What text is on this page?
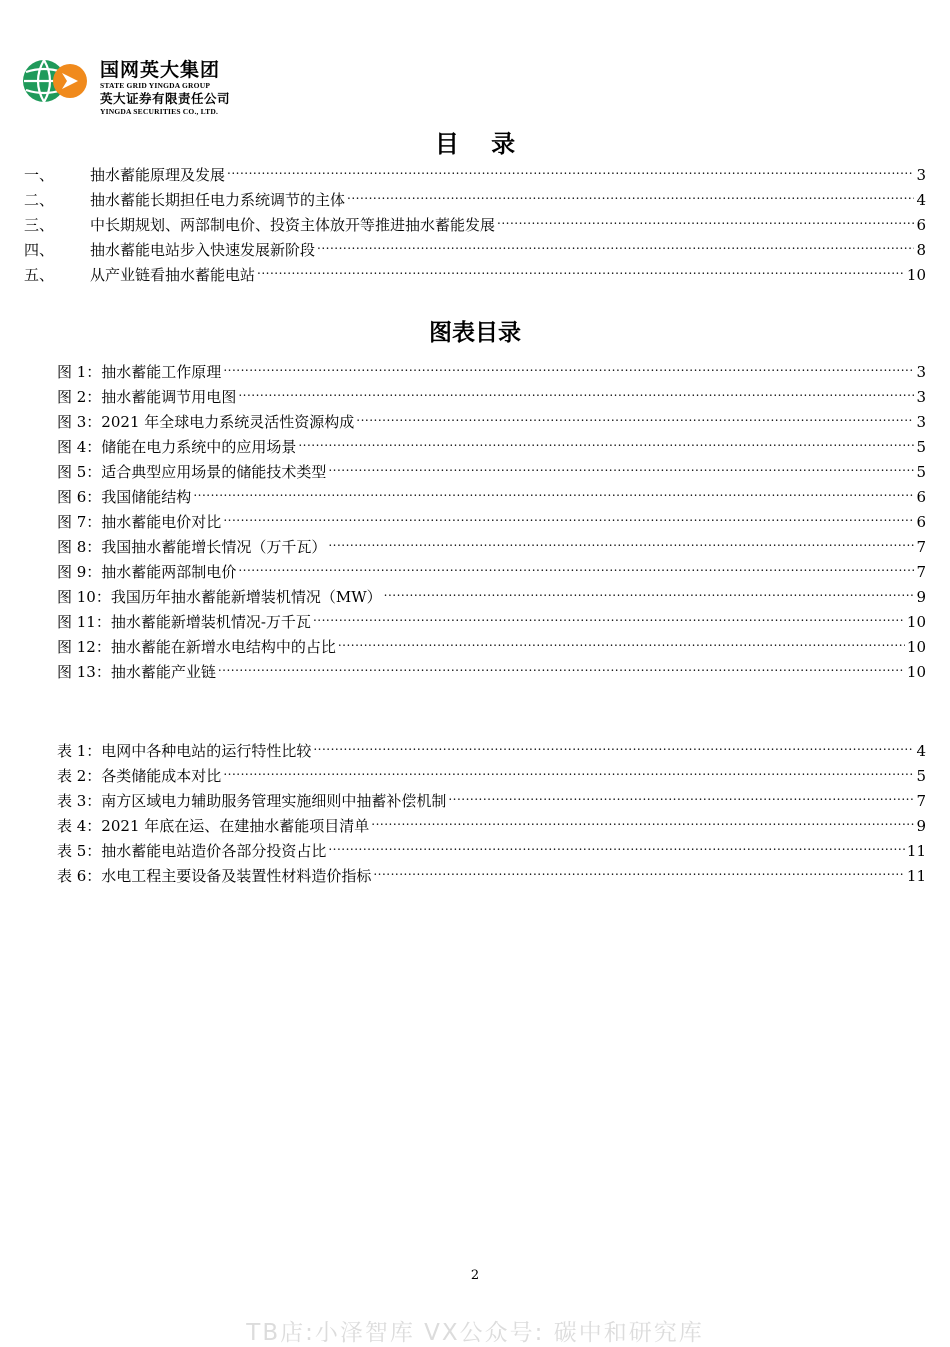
国网英大集团
STATE GRID YINGDA GROUP
英大证券有限责任公司
YINGDA SECURITIES CO., LTD.
目 录
一、	抽水蓄能原理及发展 .....	3
二、	抽水蓄能长期担任电力系统调节的主体 .....	4
三、	中长期规划、两部制电价、投资主体放开等推进抽水蓄能发展 .....	6
四、	抽水蓄能电站步入快速发展新阶段 .....	8
五、	从产业链看抽水蓄能电站 .....	10
图表目录
图 1：抽水蓄能工作原理 .....	3
图 2：抽水蓄能调节用电图 .....	3
图 3：2021 年全球电力系统灵活性资源构成 .....	3
图 4：储能在电力系统中的应用场景 .....	5
图 5：适合典型应用场景的储能技术类型 .....	5
图 6：我国储能结构 .....	6
图 7：抽水蓄能电价对比 .....	6
图 8：我国抽水蓄能增长情况（万千瓦） .....	7
图 9：抽水蓄能两部制电价 .....	7
图 10：我国历年抽水蓄能新增装机情况（MW） .....	9
图 11：抽水蓄能新增装机情况-万千瓦 .....	10
图 12：抽水蓄能在新增水电结构中的占比 .....	10
图 13：抽水蓄能产业链 .....	10
表 1：电网中各种电站的运行特性比较 .....	4
表 2：各类储能成本对比 .....	5
表 3：南方区域电力辅助服务管理实施细则中抽蓄补偿机制 .....	7
表 4：2021 年底在运、在建抽水蓄能项目清单 .....	9
表 5：抽水蓄能电站造价各部分投资占比 .....	11
表 6：水电工程主要设备及装置性材料造价指标 .....	11
2
TB店:小泽智库 VX公众号: 碳中和研究库
